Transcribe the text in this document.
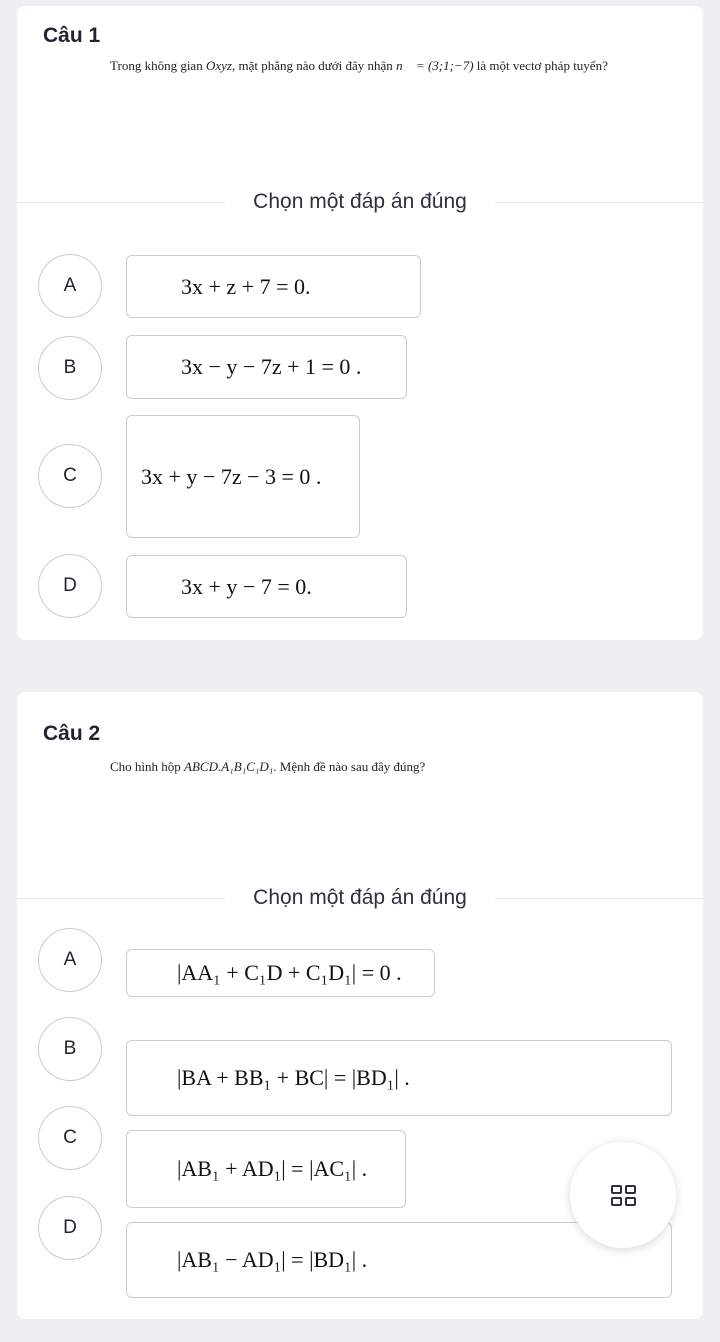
Câu 1
Trong không gian Oxyz, mặt phẳng nào dưới đây nhận n⃗ = (3;1;−7) là một vectơ pháp tuyến?
Chọn một đáp án đúng
A	3x + z + 7 = 0.
B	3x − y − 7z + 1 = 0 .
C	3x + y − 7z − 3 = 0 .
D	3x + y − 7 = 0.
Câu 2
Cho hình hộp ABCD.A₁B₁C₁D₁. Mệnh đề nào sau đây đúng?
Chọn một đáp án đúng
A
|AA₁ + C₁D + C₁D₁| = 0 .
B
|BA + BB₁ + BC| = |BD₁| .
C
|AB₁ + AD₁| = |AC₁| .
D
|AB₁ − AD₁| = |BD₁| .
